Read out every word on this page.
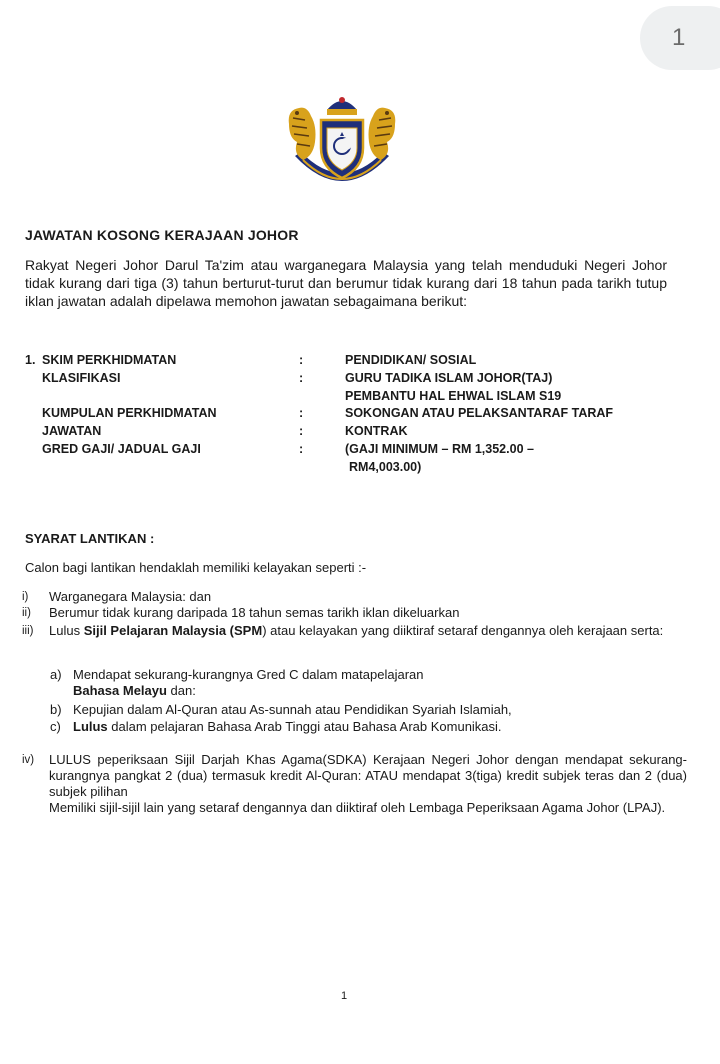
1
JAWATAN KOSONG KERAJAAN JOHOR
Rakyat Negeri Johor Darul Ta'zim atau warganegara Malaysia yang telah menduduki Negeri Johor tidak kurang dari tiga (3) tahun berturut-turut dan berumur tidak kurang dari 18 tahun pada tarikh tutup iklan jawatan adalah dipelawa memohon jawatan sebagaimana berikut:
1. SKIM PERKHIDMATAN	:	PENDIDIKAN/ SOSIAL
KLASIFIKASI	:	GURU TADIKA ISLAM JOHOR(TAJ)
PEMBANTU HAL EHWAL ISLAM S19
KUMPULAN PERKHIDMATAN	:	SOKONGAN ATAU PELAKSANTARAF TARAF
JAWATAN	:	KONTRAK
GRED GAJI/ JADUAL GAJI	:	(GAJI MINIMUM – RM 1,352.00 –
RM4,003.00)
SYARAT LANTIKAN :
Calon bagi lantikan hendaklah memiliki kelayakan seperti :-
i) Warganegara Malaysia: dan
ii) Berumur tidak kurang daripada 18 tahun semas tarikh iklan dikeluarkan
iii) Lulus Sijil Pelajaran Malaysia (SPM) atau kelayakan yang diiktiraf setaraf dengannya oleh kerajaan serta:
a) Mendapat sekurang-kurangnya Gred C dalam matapelajaran
Bahasa Melayu dan:
b) Kepujian dalam Al-Quran atau As-sunnah atau Pendidikan Syariah Islamiah,
c) Lulus dalam pelajaran Bahasa Arab Tinggi atau Bahasa Arab Komunikasi.
iv) LULUS peperiksaan Sijil Darjah Khas Agama(SDKA) Kerajaan Negeri Johor dengan mendapat sekurang-kurangnya pangkat 2 (dua) termasuk kredit Al-Quran: ATAU mendapat 3(tiga) kredit subjek teras dan 2 (dua) subjek pilihan
Memiliki sijil-sijil lain yang setaraf dengannya dan diiktiraf oleh Lembaga Peperiksaan Agama Johor (LPAJ).
1
